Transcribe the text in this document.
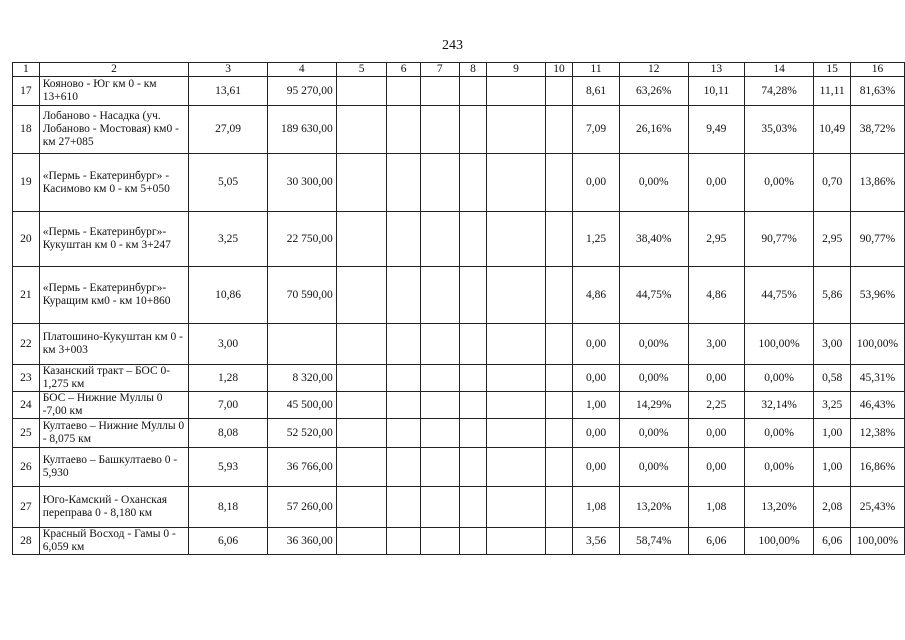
243
1	2	3	4	5	6	7	8	9	10	11	12	13	14	15	16
17	Кояново - Юг км 0 - км 13+610	13,61	95 270,00							8,61	63,26%	10,11	74,28%	11,11	81,63%
18	Лобаново - Насадка (уч. Лобаново - Мостовая) км0 - км 27+085	27,09	189 630,00							7,09	26,16%	9,49	35,03%	10,49	38,72%
19	«Пермь - Екатеринбург» - Касимово км 0 - км 5+050	5,05	30 300,00							0,00	0,00%	0,00	0,00%	0,70	13,86%
20	«Пермь - Екатеринбург»- Кукуштан км 0 - км 3+247	3,25	22 750,00							1,25	38,40%	2,95	90,77%	2,95	90,77%
21	«Пермь - Екатеринбург»- Куращим км0 - км 10+860	10,86	70 590,00							4,86	44,75%	4,86	44,75%	5,86	53,96%
22	Платошино-Кукуштан км 0 - км 3+003	3,00								0,00	0,00%	3,00	100,00%	3,00	100,00%
23	Казанский тракт – БОС 0-1,275 км	1,28	8 320,00							0,00	0,00%	0,00	0,00%	0,58	45,31%
24	БОС – Нижние Муллы 0 -7,00 км	7,00	45 500,00							1,00	14,29%	2,25	32,14%	3,25	46,43%
25	Култаево – Нижние Муллы 0 - 8,075 км	8,08	52 520,00							0,00	0,00%	0,00	0,00%	1,00	12,38%
26	Култаево – Башкултаево 0 - 5,930	5,93	36 766,00							0,00	0,00%	0,00	0,00%	1,00	16,86%
27	Юго-Камский - Оханская переправа 0 - 8,180 км	8,18	57 260,00							1,08	13,20%	1,08	13,20%	2,08	25,43%
28	Красный Восход - Гамы 0 - 6,059 км	6,06	36 360,00							3,56	58,74%	6,06	100,00%	6,06	100,00%
